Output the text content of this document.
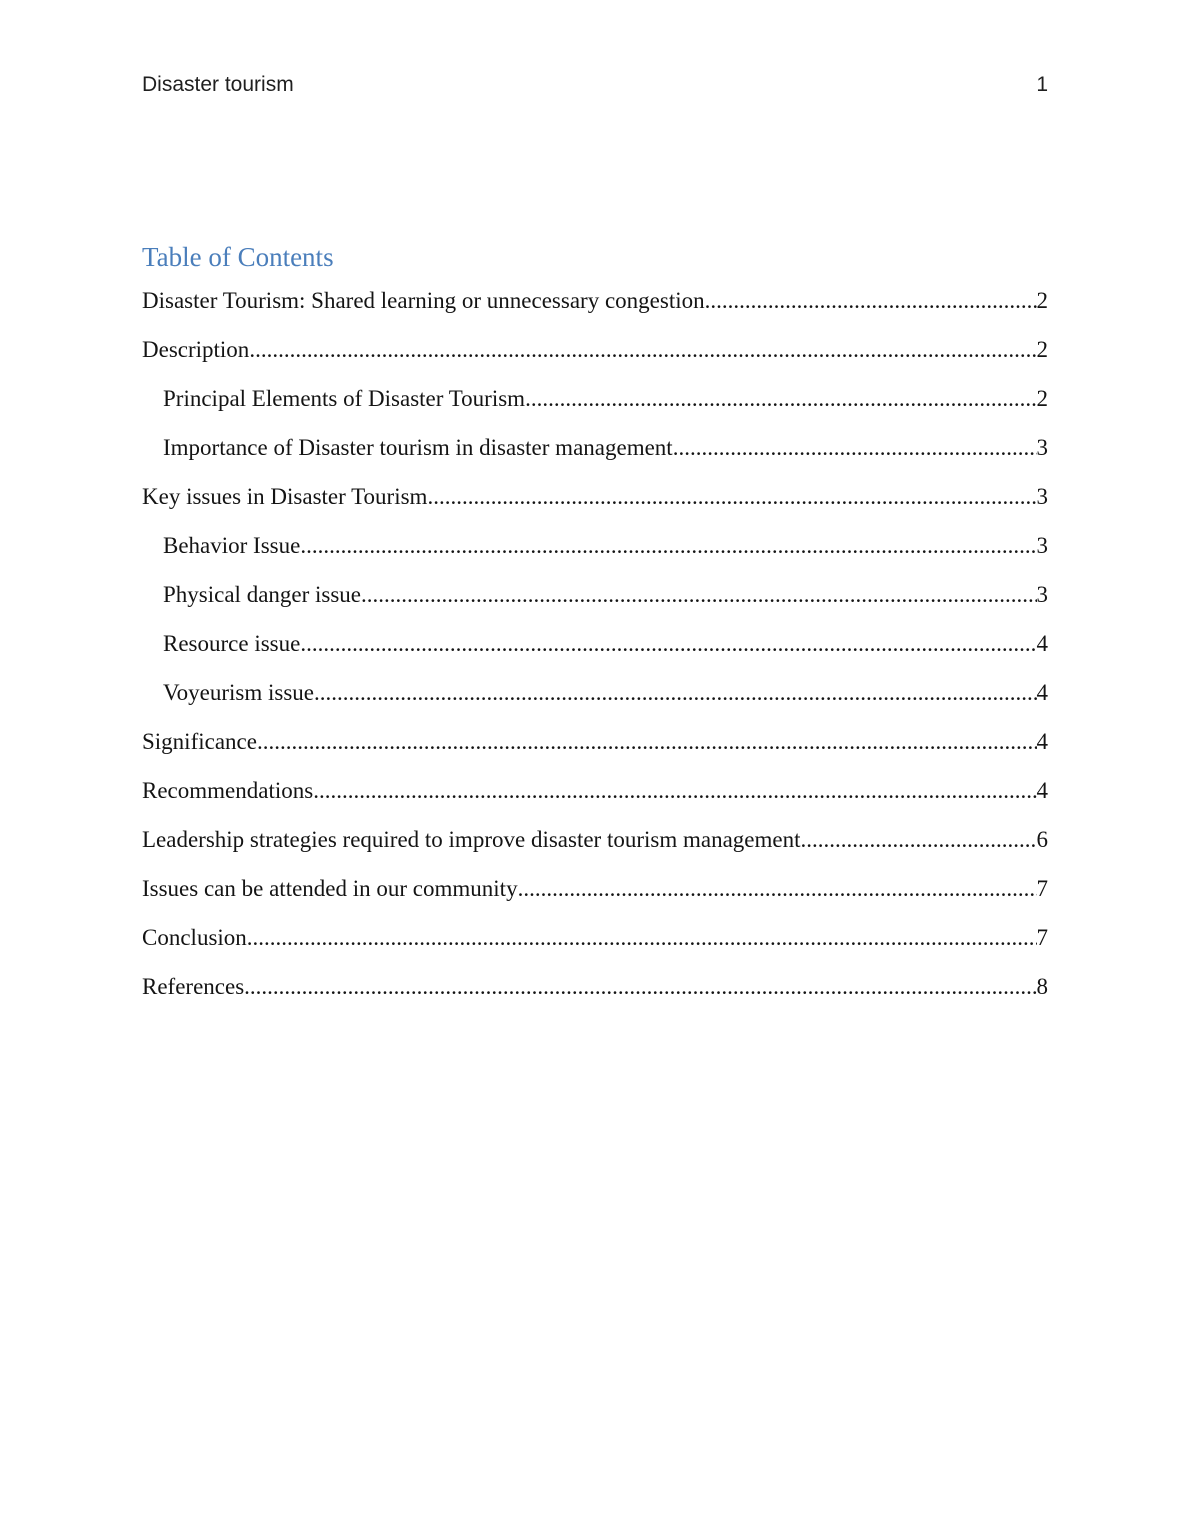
Disaster tourism	1
Table of Contents
Disaster Tourism: Shared learning or unnecessary congestion .....	2
Description .....	2
Principal Elements of Disaster Tourism .....	2
Importance of Disaster tourism in disaster management .....	3
Key issues in Disaster Tourism .....	3
Behavior Issue .....	3
Physical danger issue .....	3
Resource issue .....	4
Voyeurism issue .....	4
Significance .....	4
Recommendations .....	4
Leadership strategies required to improve disaster tourism management .....	6
Issues can be attended in our community .....	7
Conclusion .....	7
References .....	8
